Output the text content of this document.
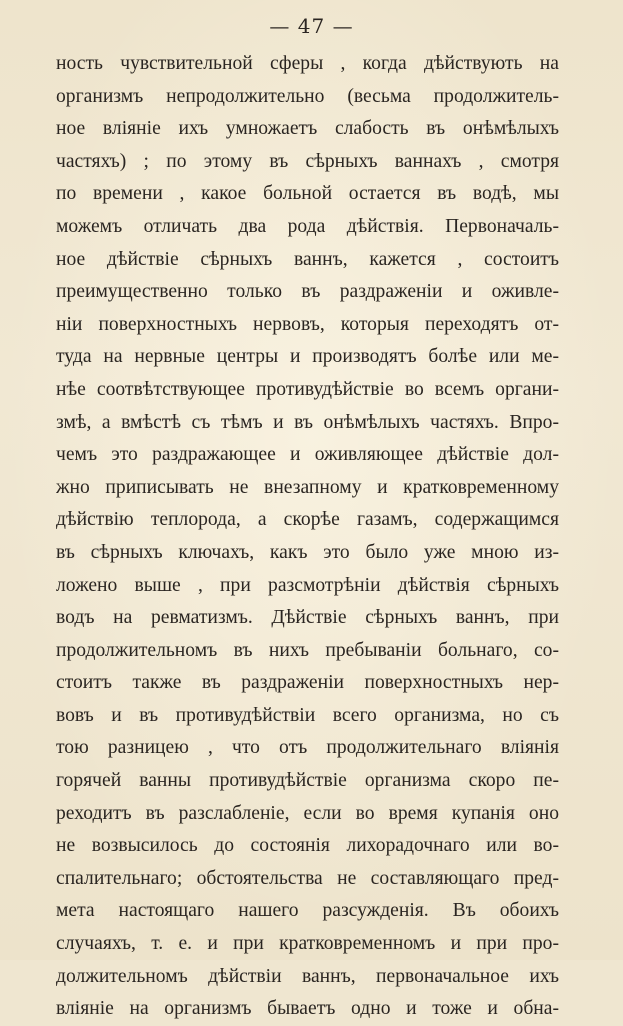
— 47 —
ность чувствительной сферы , когда дѣйствують на
организмъ непродолжительно (весьма продолжитель-
ное вліяніе ихъ умножаетъ слабость въ онѣмѣлыхъ
частяхъ) ; по этому въ сѣрныхъ ваннахъ , смотря
по времени , какое больной остается въ водѣ, мы
можемъ отличать два рода дѣйствія. Первоначаль-
ное дѣйствіе сѣрныхъ ваннъ, кажется , состоитъ
преимущественно только въ раздраженіи и оживле-
ніи поверхностныхъ нервовъ, которыя переходятъ от-
туда на нервные центры и производятъ болѣе или ме-
нѣе соотвѣтствующее противудѣйствіе во всемъ органи-
змѣ, а вмѣстѣ съ тѣмъ и въ онѣмѣлыхъ частяхъ. Впро-
чемъ это раздражающее и оживляющее дѣйствіе дол-
жно приписывать не внезапному и кратковременному
дѣйствію теплорода, а скорѣе газамъ, содержащимся
въ сѣрныхъ ключахъ, какъ это было уже мною из-
ложено выше , при разсмотрѣніи дѣйствія сѣрныхъ
водъ на ревматизмъ. Дѣйствіе сѣрныхъ ваннъ, при
продолжительномъ въ нихъ пребываніи больнаго, со-
стоитъ также въ раздраженіи поверхностныхъ нер-
вовъ и въ противудѣйствіи всего организма, но съ
тою разницею , что отъ продолжительнаго вліянія
горячей ванны противудѣйствіе организма скоро пе-
реходитъ въ разслабленіе, если во время купанія оно
не возвысилось до состоянія лихорадочнаго или во-
спалительнаго; обстоятельства не составляющаго пред-
мета настоящаго нашего разсужденія. Въ обоихъ
случаяхъ, т. е. и при кратковременномъ и при про-
должительномъ дѣйствіи ваннъ, первоначальное ихъ
вліяніе на организмъ бываетъ одно и тоже и обна-
